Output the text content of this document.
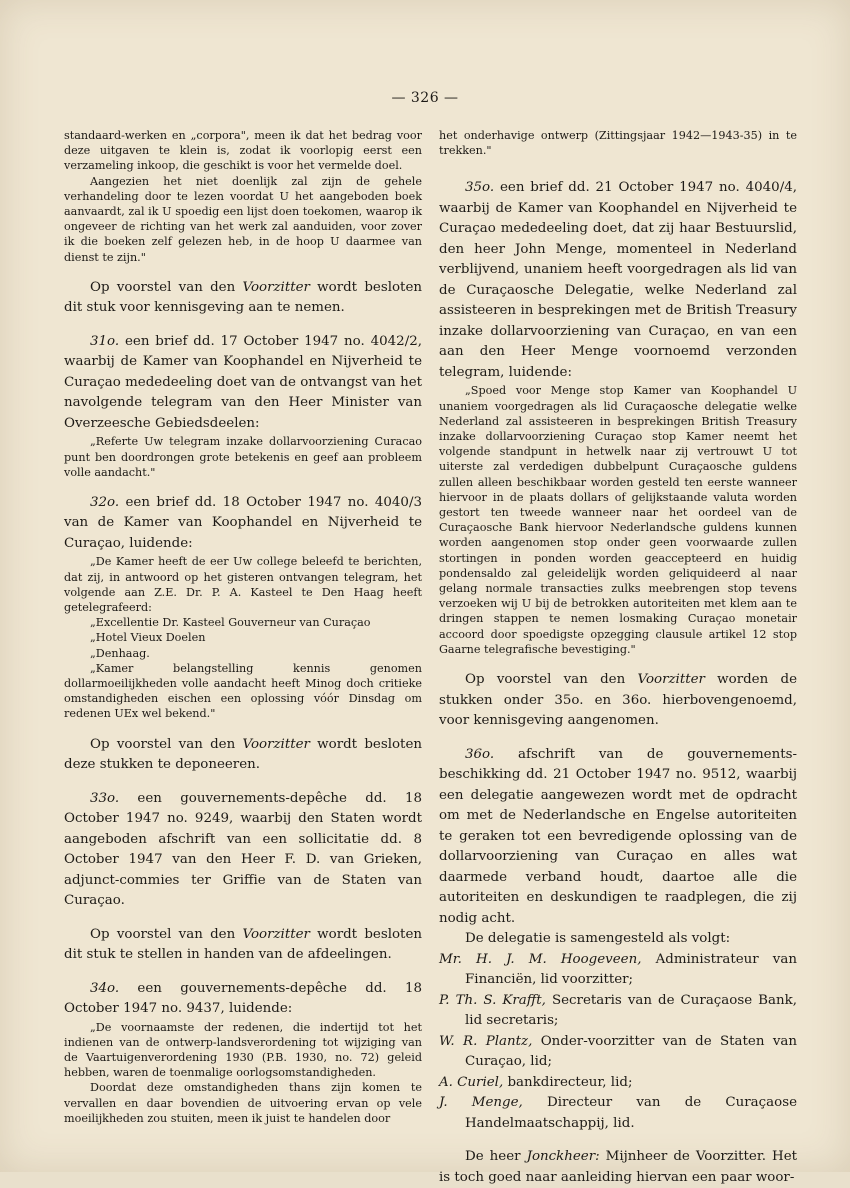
— 326 —

standaard-werken en „corpora", meen ik dat het bedrag voor deze uitgaven te klein is, zodat ik voorlopig eerst een verzameling inkoop, die geschikt is voor het vermelde doel.

Aangezien het niet doenlijk zal zijn de gehele verhandeling door te lezen voordat U het aangeboden boek aanvaardt, zal ik U spoedig een lijst doen toekomen, waarop ik ongeveer de richting van het werk zal aanduiden, voor zover ik die boeken zelf gelezen heb, in de hoop U daarmee van dienst te zijn."

Op voorstel van den Voorzitter wordt besloten dit stuk voor kennisgeving aan te nemen.

31o. een brief dd. 17 October 1947 no. 4042/2, waarbij de Kamer van Koophandel en Nijverheid te Curaçao mededeeling doet van de ontvangst van het navolgende telegram van den Heer Minister van Overzeesche Gebiedsdeelen:

„Referte Uw telegram inzake dollarvoorziening Curacao punt ben doordrongen grote betekenis en geef aan probleem volle aandacht."

32o. een brief dd. 18 October 1947 no. 4040/3 van de Kamer van Koophandel en Nijverheid te Curaçao, luidende:

„De Kamer heeft de eer Uw college beleefd te berichten, dat zij, in antwoord op het gisteren ontvangen telegram, het volgende aan Z.E. Dr. P. A. Kasteel te Den Haag heeft getelegrafeerd:

„Excellentie Dr. Kasteel Gouverneur van Curaçao

„Hotel Vieux Doelen

„Denhaag.

„Kamer belangstelling kennis genomen dollarmoeilijkheden volle aandacht heeft Minog doch critieke omstandigheden eischen een oplossing vóór Dinsdag om redenen UEx wel bekend."

Op voorstel van den Voorzitter wordt besloten deze stukken te deponeeren.

33o. een gouvernements-depêche dd. 18 October 1947 no. 9249, waarbij den Staten wordt aangeboden afschrift van een sollicitatie dd. 8 October 1947 van den Heer F. D. van Grieken, adjunct-commies ter Griffie van de Staten van Curaçao.

Op voorstel van den Voorzitter wordt besloten dit stuk te stellen in handen van de afdeelingen.

34o. een gouvernements-depêche dd. 18 October 1947 no. 9437, luidende:

„De voornaamste der redenen, die indertijd tot het indienen van de ontwerp-landsverordening tot wijziging van de Vaartuigenverordening 1930 (P.B. 1930, no. 72) geleid hebben, waren de toenmalige oorlogsomstandigheden.

Doordat deze omstandigheden thans zijn komen te vervallen en daar bovendien de uitvoering ervan op vele moeilijkheden zou stuiten, meen ik juist te handelen door

het onderhavige ontwerp (Zittingsjaar 1942—1943-35) in te trekken."

35o. een brief dd. 21 October 1947 no. 4040/4, waarbij de Kamer van Koophandel en Nijverheid te Curaçao mededeeling doet, dat zij haar Bestuurslid, den heer John Menge, momenteel in Nederland verblijvend, unaniem heeft voorgedragen als lid van de Curaçaosche Delegatie, welke Nederland zal assisteeren in besprekingen met de British Treasury inzake dollarvoorziening van Curaçao, en van een aan den Heer Menge voornoemd verzonden telegram, luidende:

„Spoed voor Menge stop Kamer van Koophandel U unaniem voorgedragen als lid Curaçaosche delegatie welke Nederland zal assisteeren in besprekingen British Treasury inzake dollarvoorziening Curaçao stop Kamer neemt het volgende standpunt in hetwelk naar zij vertrouwt U tot uiterste zal verdedigen dubbelpunt Curaçaosche guldens zullen alleen beschikbaar worden gesteld ten eerste wanneer hiervoor in de plaats dollars of gelijkstaande valuta worden gestort ten tweede wanneer naar het oordeel van de Curaçaosche Bank hiervoor Nederlandsche guldens kunnen worden aangenomen stop onder geen voorwaarde zullen stortingen in ponden worden geaccepteerd en huidig pondensaldo zal geleidelijk worden geliquideerd al naar gelang normale transacties zulks meebrengen stop tevens verzoeken wij U bij de betrokken autoriteiten met klem aan te dringen stappen te nemen losmaking Curaçao monetair accoord door spoedigste opzegging clausule artikel 12 stop Gaarne telegrafische bevestiging."

Op voorstel van den Voorzitter worden de stukken onder 35o. en 36o. hierbovengenoemd, voor kennisgeving aangenomen.

36o. afschrift van de gouvernements-beschikking dd. 21 October 1947 no. 9512, waarbij een delegatie aangewezen wordt met de opdracht om met de Nederlandsche en Engelse autoriteiten te geraken tot een bevredigende oplossing van de dollarvoorziening van Curaçao en alles wat daarmede verband houdt, daartoe alle die autoriteiten en deskundigen te raadplegen, die zij nodig acht.

De delegatie is samengesteld als volgt:

Mr. H. J. M. Hoogeveen, Administrateur van Financiën, lid voorzitter;

P. Th. S. Krafft, Secretaris van de Curaçaose Bank, lid secretaris;

W. R. Plantz, Onder-voorzitter van de Staten van Curaçao, lid;

A. Curiel, bankdirecteur, lid;

J. Menge, Directeur van de Curaçaose Handelmaatschappij, lid.

De heer Jonckheer: Mijnheer de Voorzitter. Het is toch goed naar aanleiding hiervan een paar woor-
